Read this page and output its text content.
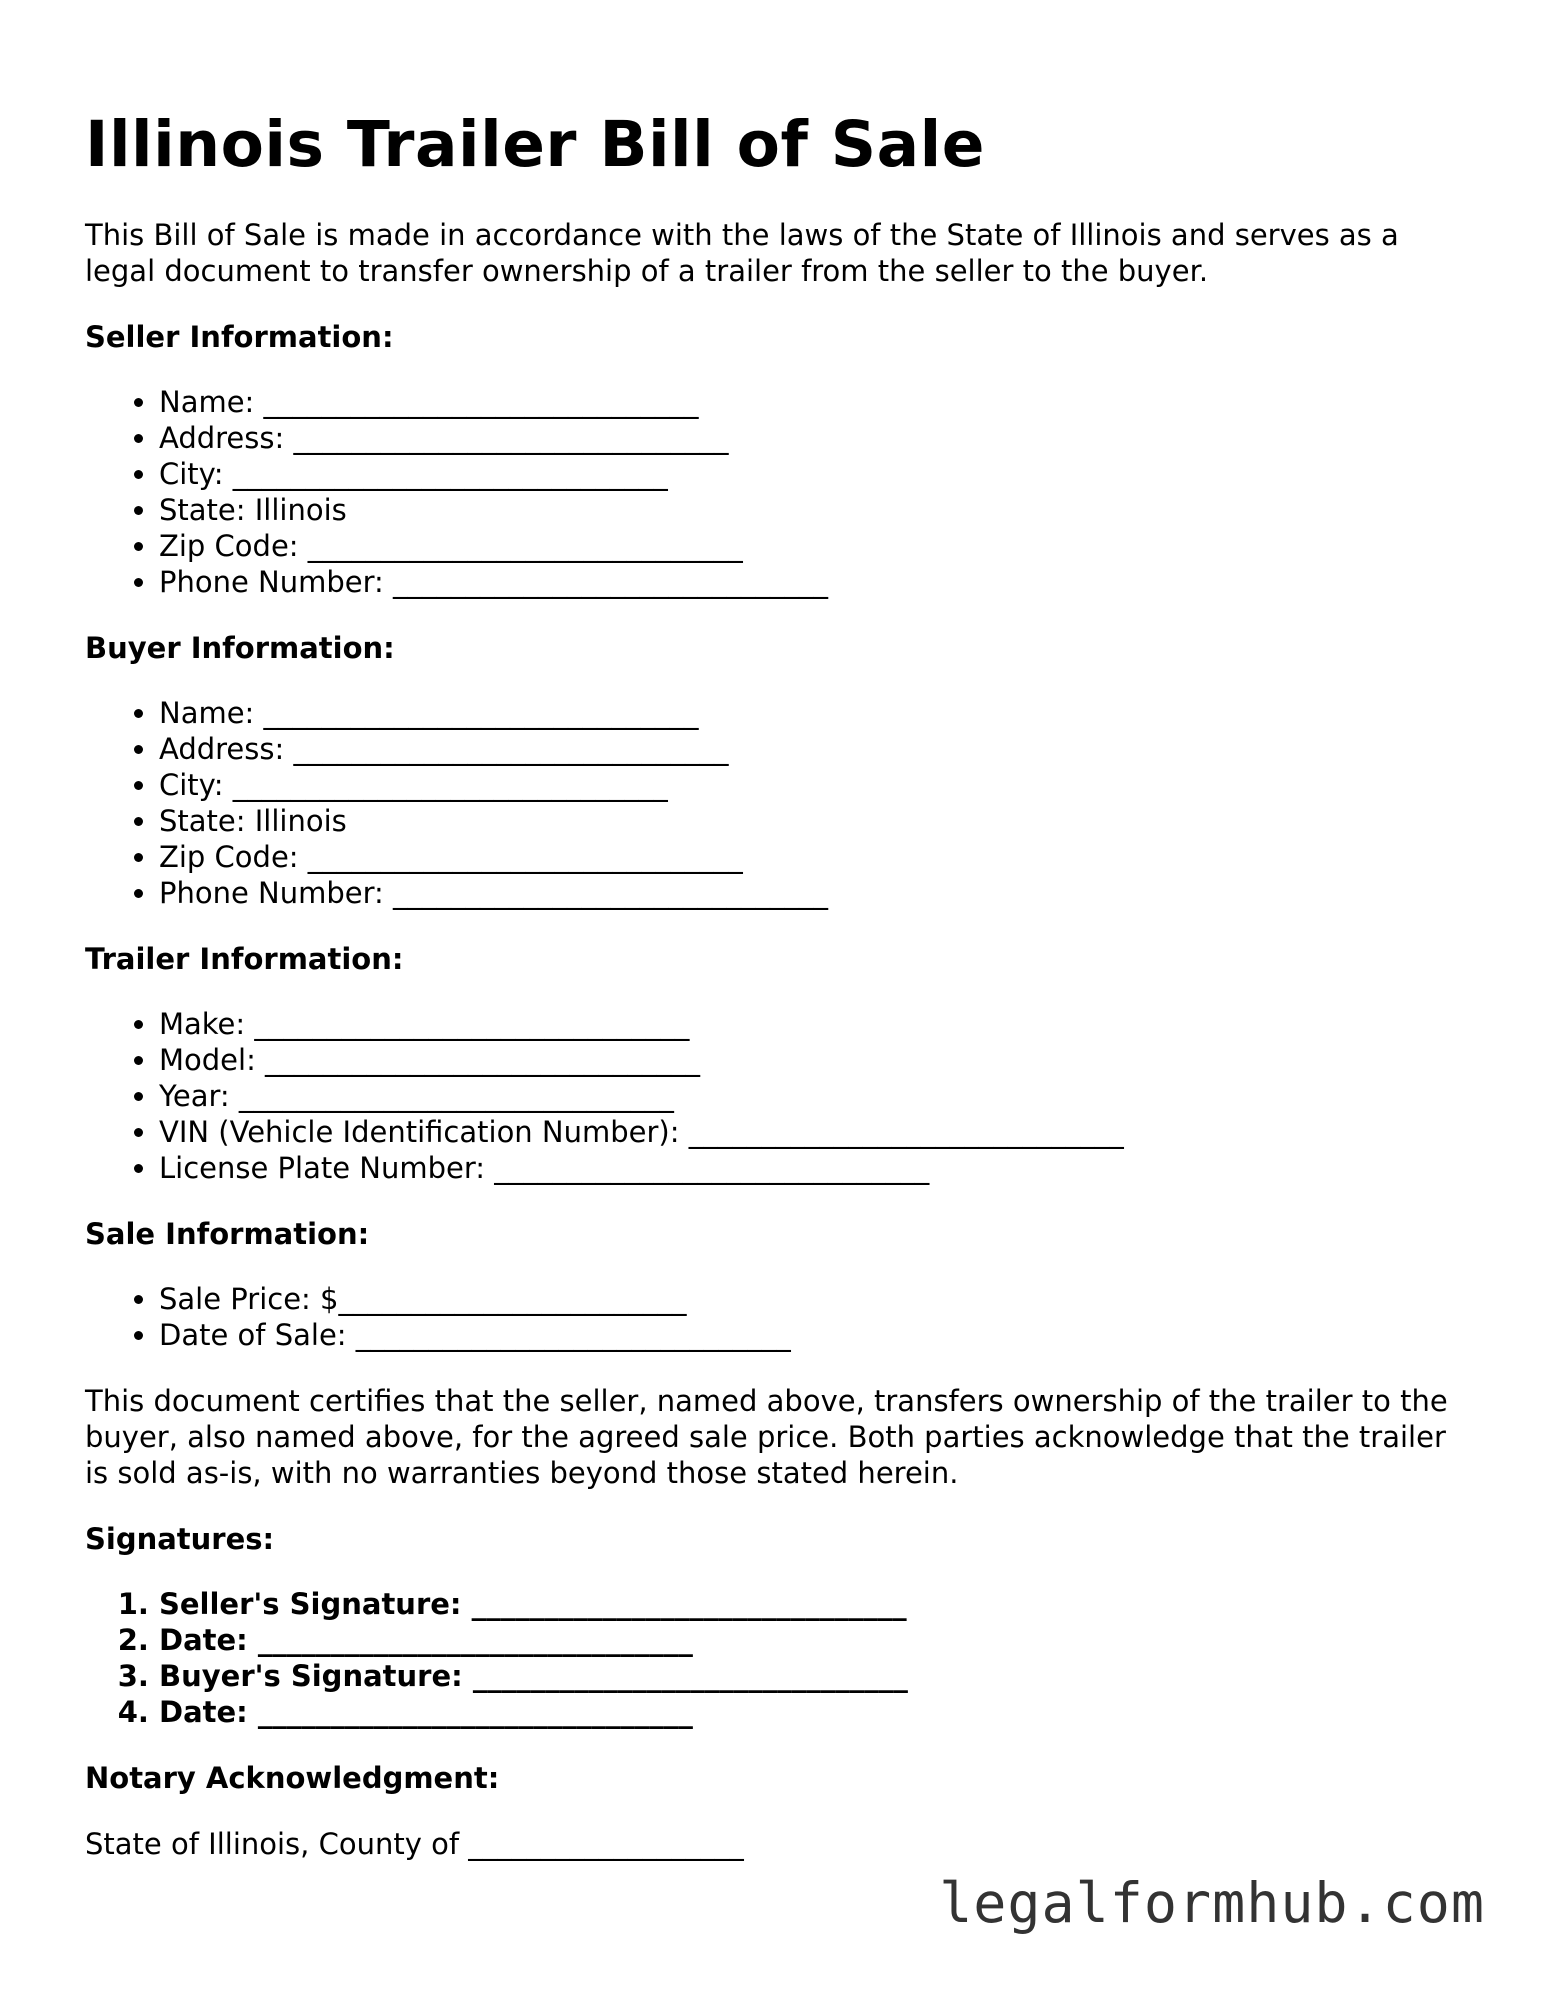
Illinois Trailer Bill of Sale

This Bill of Sale is made in accordance with the laws of the State of Illinois and serves as a legal document to transfer ownership of a trailer from the seller to the buyer.

Seller Information:
• Name: ______________________________
• Address: ______________________________
• City: ______________________________
• State: Illinois
• Zip Code: ______________________________
• Phone Number: ______________________________
Buyer Information:
• Name: ______________________________
• Address: ______________________________
• City: ______________________________
• State: Illinois
• Zip Code: ______________________________
• Phone Number: ______________________________
Trailer Information:
• Make: ______________________________
• Model: ______________________________
• Year: ______________________________
• VIN (Vehicle Identification Number): ______________________________
• License Plate Number: ______________________________
Sale Information:
• Sale Price: $________________________
• Date of Sale: ______________________________

This document certifies that the seller, named above, transfers ownership of the trailer to the buyer, also named above, for the agreed sale price. Both parties acknowledge that the trailer is sold as-is, with no warranties beyond those stated herein.

Signatures:
1. Seller's Signature: ______________________________
2. Date: ______________________________
3. Buyer's Signature: ______________________________
4. Date: ______________________________
Notary Acknowledgment:

State of Illinois, County of ___________________

legalformhub.com
